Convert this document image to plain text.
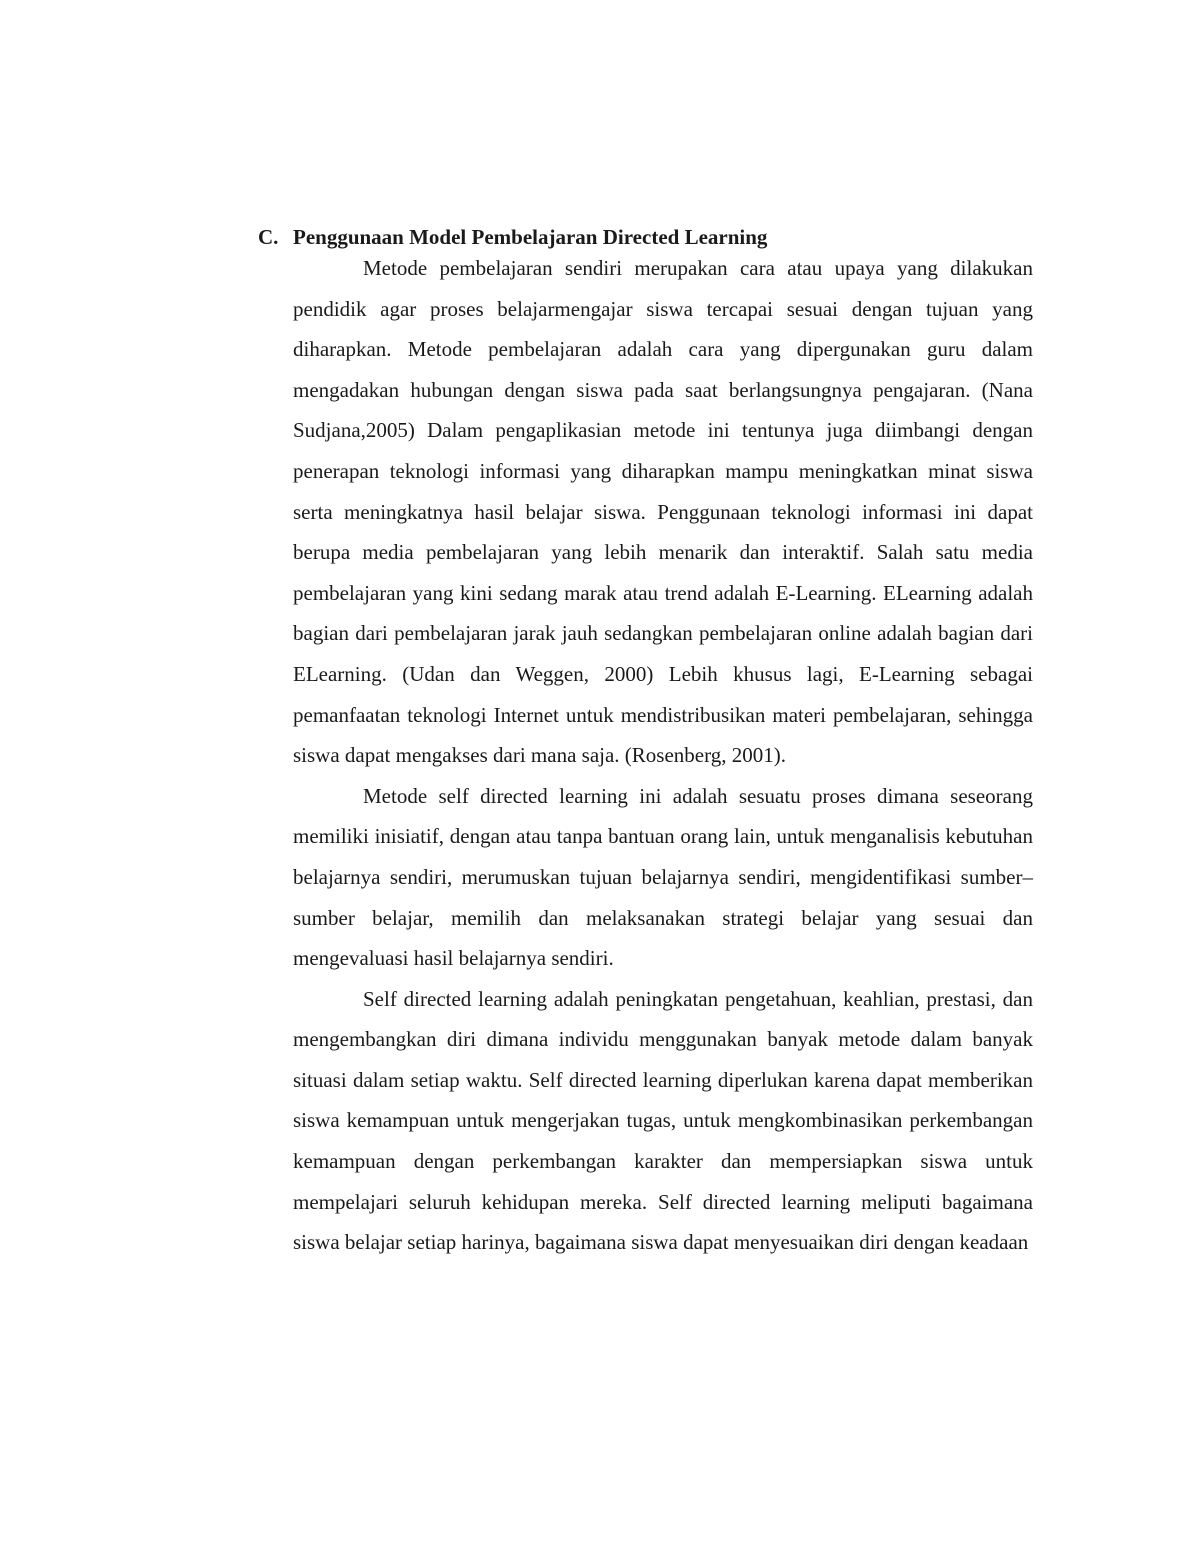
C. Penggunaan Model Pembelajaran Directed Learning

Metode pembelajaran sendiri merupakan cara atau upaya yang dilakukan pendidik agar proses belajarmengajar siswa tercapai sesuai dengan tujuan yang diharapkan. Metode pembelajaran adalah cara yang dipergunakan guru dalam mengadakan hubungan dengan siswa pada saat berlangsungnya pengajaran. (Nana Sudjana,2005) Dalam pengaplikasian metode ini tentunya juga diimbangi dengan penerapan teknologi informasi yang diharapkan mampu meningkatkan minat siswa serta meningkatnya hasil belajar siswa. Penggunaan teknologi informasi ini dapat berupa media pembelajaran yang lebih menarik dan interaktif. Salah satu media pembelajaran yang kini sedang marak atau trend adalah E-Learning. ELearning adalah bagian dari pembelajaran jarak jauh sedangkan pembelajaran online adalah bagian dari ELearning. (Udan dan Weggen, 2000) Lebih khusus lagi, E-Learning sebagai pemanfaatan teknologi Internet untuk mendistribusikan materi pembelajaran, sehingga siswa dapat mengakses dari mana saja. (Rosenberg, 2001).

Metode self directed learning ini adalah sesuatu proses dimana seseorang memiliki inisiatif, dengan atau tanpa bantuan orang lain, untuk menganalisis kebutuhan belajarnya sendiri, merumuskan tujuan belajarnya sendiri, mengidentifikasi sumber–sumber belajar, memilih dan melaksanakan strategi belajar yang sesuai dan mengevaluasi hasil belajarnya sendiri.

Self directed learning adalah peningkatan pengetahuan, keahlian, prestasi, dan mengembangkan diri dimana individu menggunakan banyak metode dalam banyak situasi dalam setiap waktu. Self directed learning diperlukan karena dapat memberikan siswa kemampuan untuk mengerjakan tugas, untuk mengkombinasikan perkembangan kemampuan dengan perkembangan karakter dan mempersiapkan siswa untuk mempelajari seluruh kehidupan mereka. Self directed learning meliputi bagaimana siswa belajar setiap harinya, bagaimana siswa dapat menyesuaikan diri dengan keadaan
